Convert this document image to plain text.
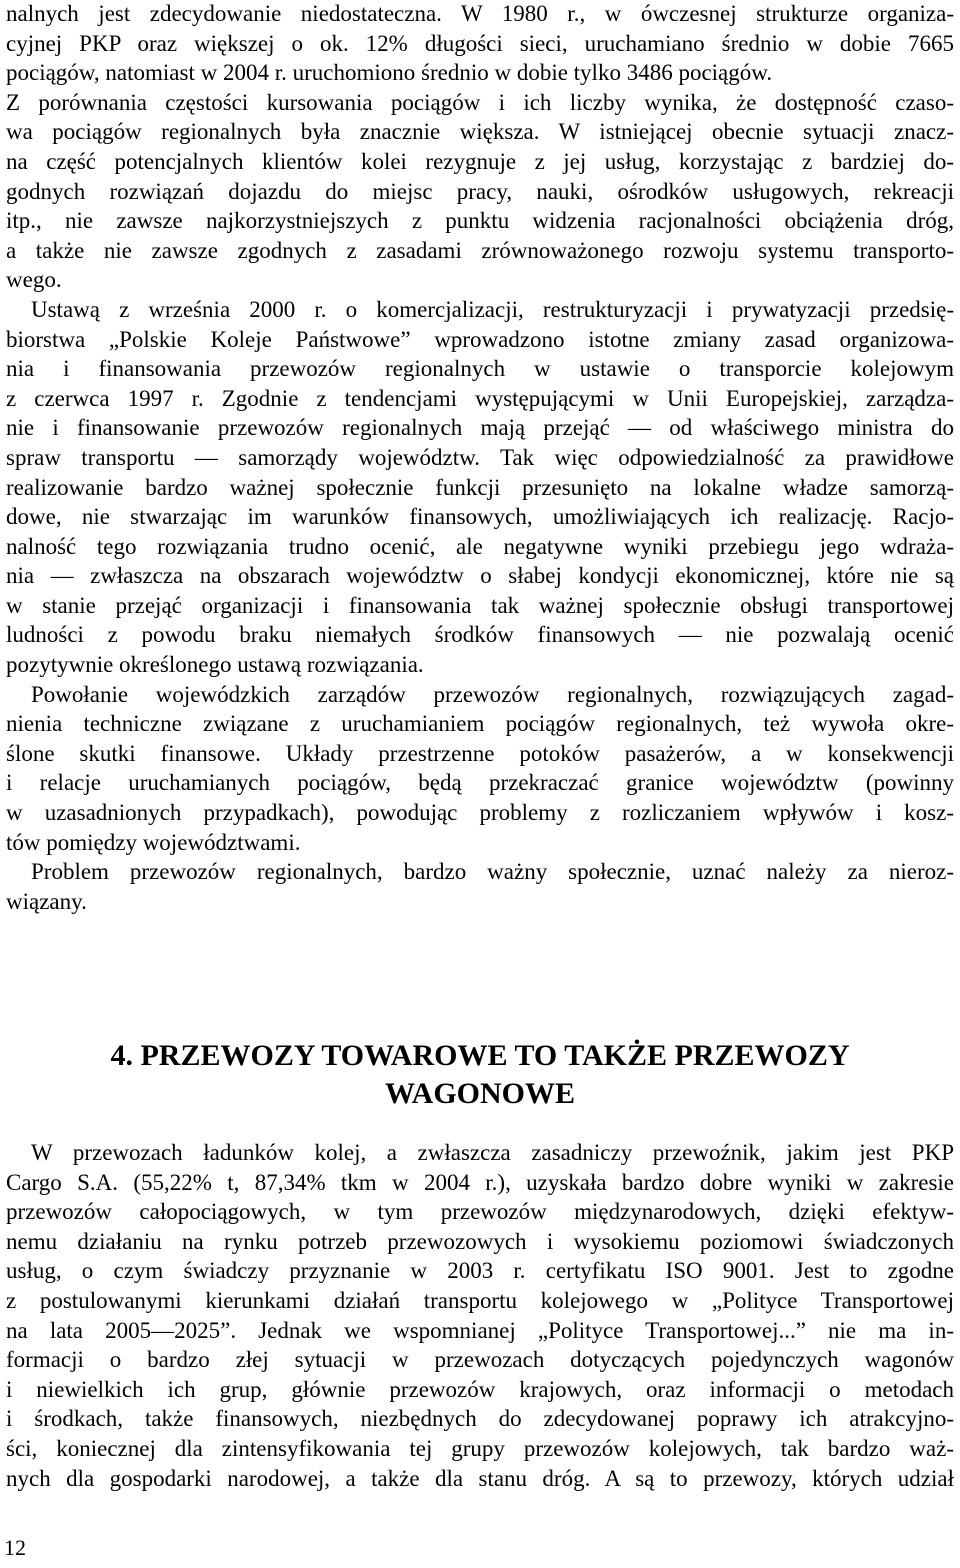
nalnych jest zdecydowanie niedostateczna. W 1980 r., w ówczesnej strukturze organiza-
cyjnej PKP oraz większej o ok. 12% długości sieci, uruchamiano średnio w dobie 7665
pociągów, natomiast w 2004 r. uruchomiono średnio w dobie tylko 3486 pociągów.
Z porównania częstości kursowania pociągów i ich liczby wynika, że dostępność czaso-
wa pociągów regionalnych była znacznie większa. W istniejącej obecnie sytuacji znacz-
na część potencjalnych klientów kolei rezygnuje z jej usług, korzystając z bardziej do-
godnych rozwiązań dojazdu do miejsc pracy, nauki, ośrodków usługowych, rekreacji
itp., nie zawsze najkorzystniejszych z punktu widzenia racjonalności obciążenia dróg,
a także nie zawsze zgodnych z zasadami zrównoważonego rozwoju systemu transporto-
wego.
Ustawą z września 2000 r. o komercjalizacji, restrukturyzacji i prywatyzacji przedsię-
biorstwa „Polskie Koleje Państwowe” wprowadzono istotne zmiany zasad organizowa-
nia i finansowania przewozów regionalnych w ustawie o transporcie kolejowym
z czerwca 1997 r. Zgodnie z tendencjami występującymi w Unii Europejskiej, zarządza-
nie i finansowanie przewozów regionalnych mają przejąć — od właściwego ministra do
spraw transportu — samorządy województw. Tak więc odpowiedzialność za prawidłowe
realizowanie bardzo ważnej społecznie funkcji przesunięto na lokalne władze samorzą-
dowe, nie stwarzając im warunków finansowych, umożliwiających ich realizację. Racjo-
nalność tego rozwiązania trudno ocenić, ale negatywne wyniki przebiegu jego wdraża-
nia — zwłaszcza na obszarach województw o słabej kondycji ekonomicznej, które nie są
w stanie przejąć organizacji i finansowania tak ważnej społecznie obsługi transportowej
ludności z powodu braku niemałych środków finansowych — nie pozwalają ocenić
pozytywnie określonego ustawą rozwiązania.
Powołanie wojewódzkich zarządów przewozów regionalnych, rozwiązujących zagad-
nienia techniczne związane z uruchamianiem pociągów regionalnych, też wywoła okre-
ślone skutki finansowe. Układy przestrzenne potoków pasażerów, a w konsekwencji
i relacje uruchamianych pociągów, będą przekraczać granice województw (powinny
w uzasadnionych przypadkach), powodując problemy z rozliczaniem wpływów i kosz-
tów pomiędzy województwami.
Problem przewozów regionalnych, bardzo ważny społecznie, uznać należy za nieroz-
wiązany.
4. PRZEWOZY TOWAROWE TO TAKŻE PRZEWOZY
WAGONOWE
W przewozach ładunków kolej, a zwłaszcza zasadniczy przewoźnik, jakim jest PKP
Cargo S.A. (55,22% t, 87,34% tkm w 2004 r.), uzyskała bardzo dobre wyniki w zakresie
przewozów całopociągowych, w tym przewozów międzynarodowych, dzięki efektyw-
nemu działaniu na rynku potrzeb przewozowych i wysokiemu poziomowi świadczonych
usług, o czym świadczy przyznanie w 2003 r. certyfikatu ISO 9001. Jest to zgodne
z postulowanymi kierunkami działań transportu kolejowego w „Polityce Transportowej
na lata 2005—2025”. Jednak we wspomnianej „Polityce Transportowej...” nie ma in-
formacji o bardzo złej sytuacji w przewozach dotyczących pojedynczych wagonów
i niewielkich ich grup, głównie przewozów krajowych, oraz informacji o metodach
i środkach, także finansowych, niezbędnych do zdecydowanej poprawy ich atrakcyjno-
ści, koniecznej dla zintensyfikowania tej grupy przewozów kolejowych, tak bardzo waż-
nych dla gospodarki narodowej, a także dla stanu dróg. A są to przewozy, których udział
12
